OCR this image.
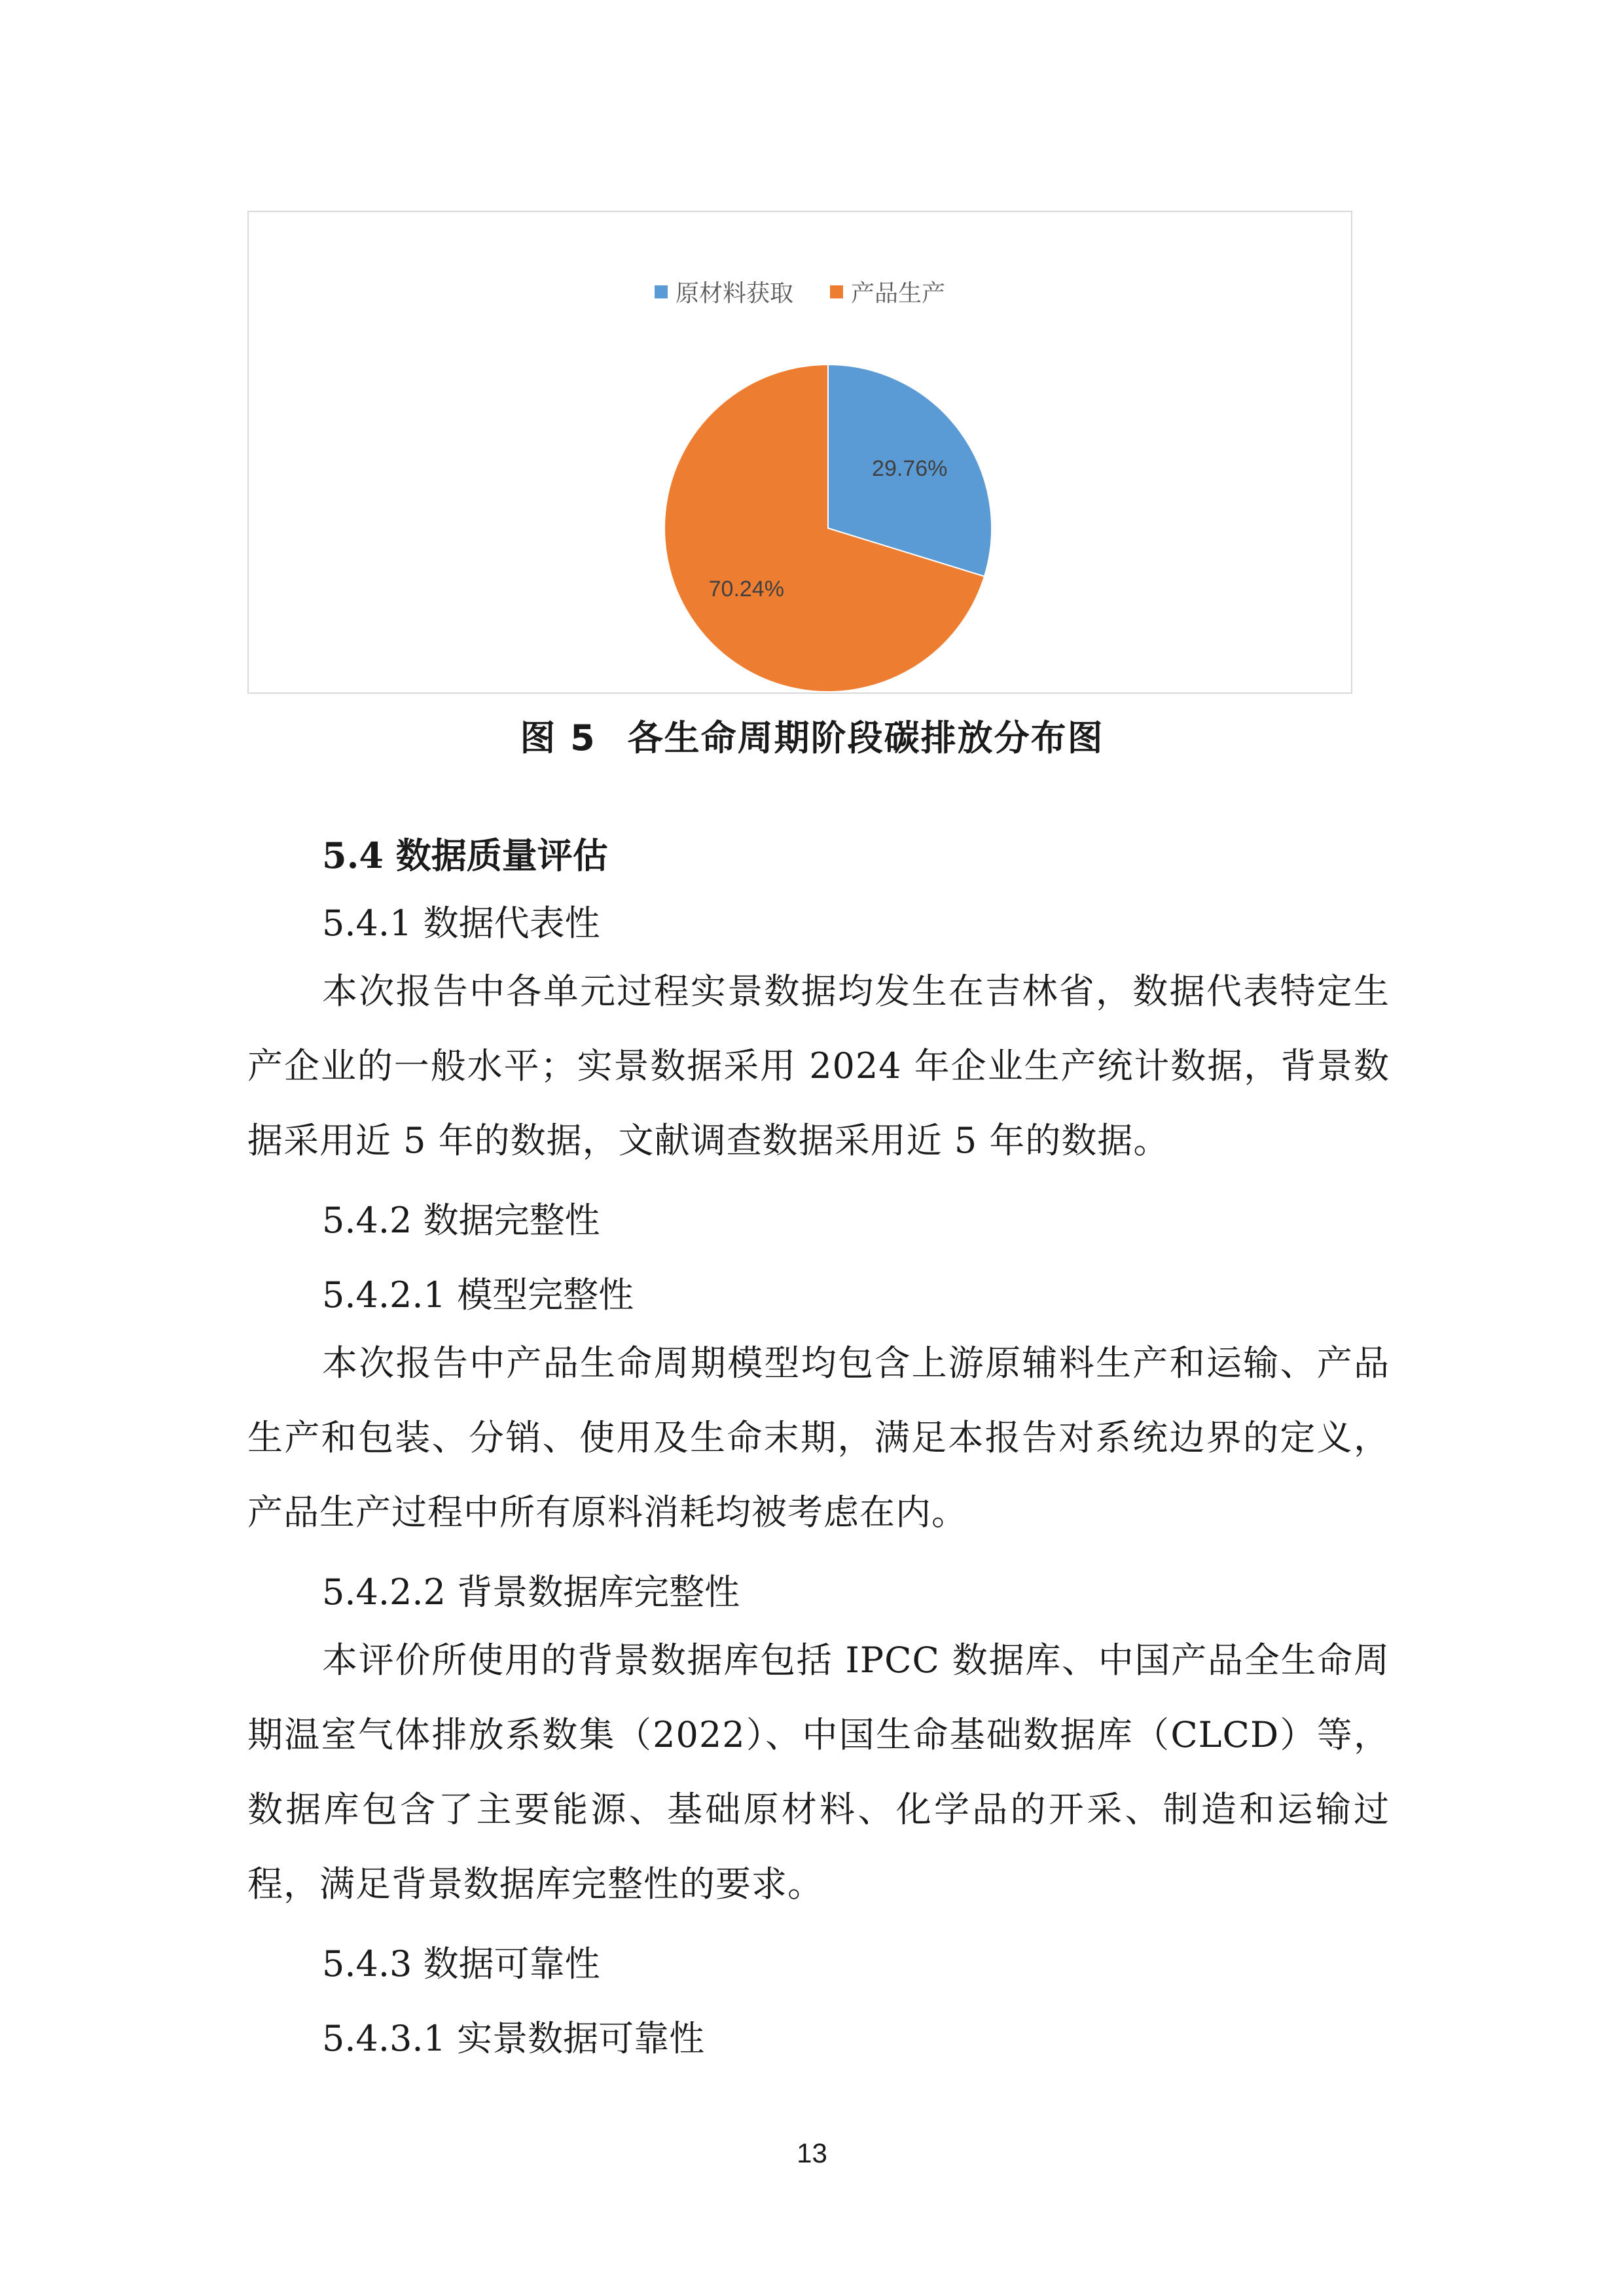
原材料获取 产品生产
29.76%
70.24%
图 5 各生命周期阶段碳排放分布图
5.4 数据质量评估
5.4.1 数据代表性

本次报告中各单元过程实景数据均发生在吉林省，数据代表特定生产企业的一般水平；实景数据采用 2024 年企业生产统计数据，背景数据采用近 5 年的数据，文献调查数据采用近 5 年的数据。

5.4.2 数据完整性
5.4.2.1 模型完整性

本次报告中产品生命周期模型均包含上游原辅料生产和运输、产品生产和包装、分销、使用及生命末期，满足本报告对系统边界的定义，产品生产过程中所有原料消耗均被考虑在内。

5.4.2.2 背景数据库完整性

本评价所使用的背景数据库包括 IPCC 数据库、中国产品全生命周期温室气体排放系数集（2022）、中国生命基础数据库（CLCD）等，数据库包含了主要能源、基础原材料、化学品的开采、制造和运输过程，满足背景数据库完整性的要求。

5.4.3 数据可靠性
5.4.3.1 实景数据可靠性
13
